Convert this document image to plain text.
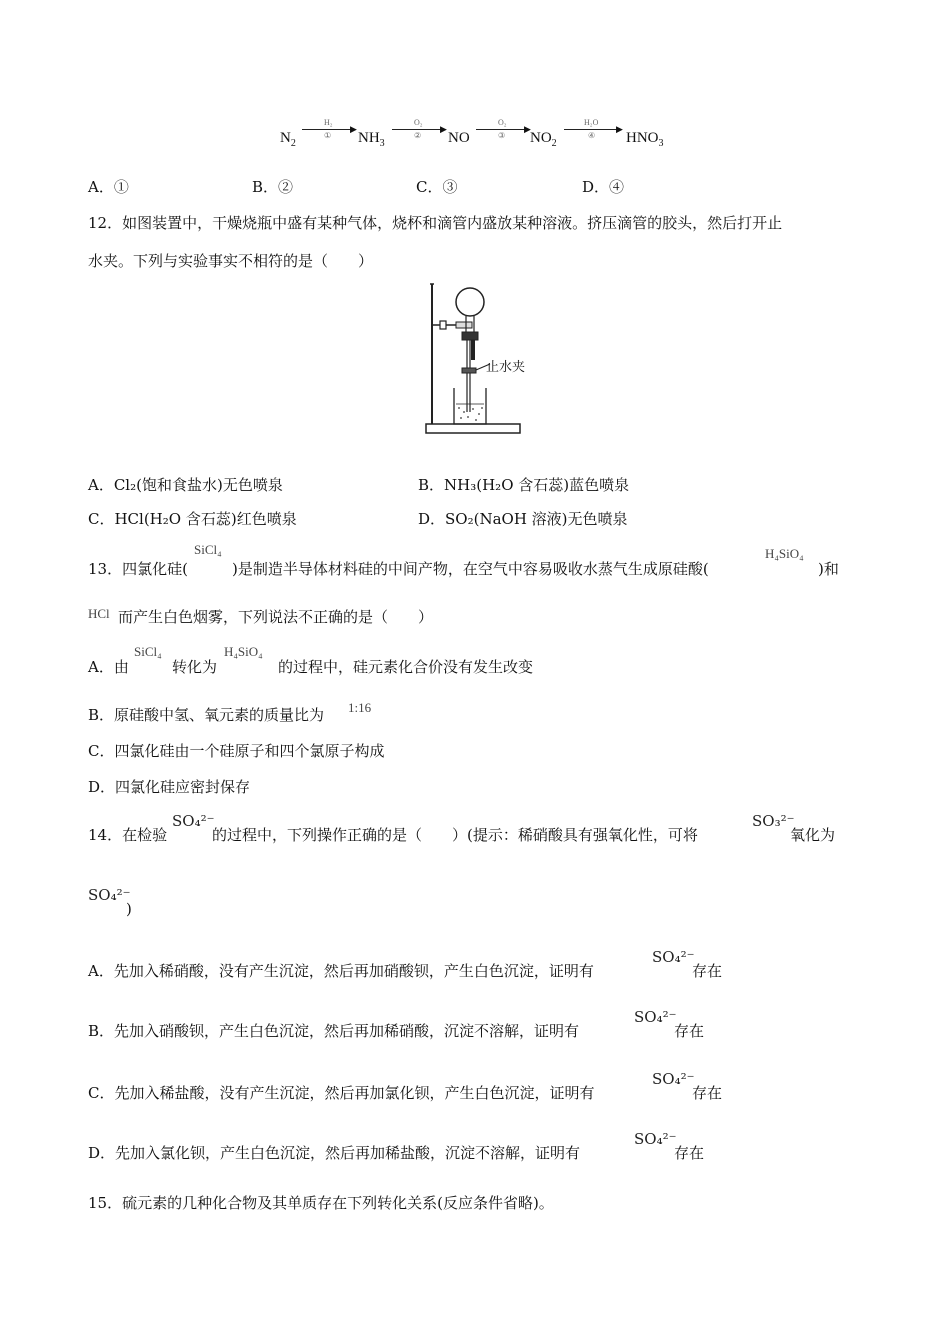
$N_2$
H₂
▶
① $NH_3$
O₂
▶
② NO
O₂
▶
③ $NO_2$
H₂O
▶
④ $HNO_3$
A．①	B．②	C．③	D．④
12．如图装置中，干燥烧瓶中盛有某种气体，烧杯和滴管内盛放某种溶液。挤压滴管的胶头，然后打开止
水夹。下列与实验事实不相符的是（　　）
止水夹
A．Cl₂(饱和食盐水)无色喷泉	B．NH₃(H₂O 含石蕊)蓝色喷泉
C．HCl(H₂O 含石蕊)红色喷泉	D．SO₂(NaOH 溶液)无色喷泉
13．四氯化硅(
SiCl₄
)是制造半导体材料硅的中间产物，在空气中容易吸收水蒸气生成原硅酸(
H₄SiO₄
)和
HCl 而产生白色烟雾，下列说法不正确的是（　　）
A．由
SiCl₄
转化为
H₄SiO₄
的过程中，硅元素化合价没有发生改变
B．原硅酸中氢、氧元素的质量比为 1:16
C．四氯化硅由一个硅原子和四个氯原子构成
D．四氯化硅应密封保存
14．在检验
SO₄²⁻
的过程中，下列操作正确的是（　　）(提示：稀硝酸具有强氧化性，可将
SO₃²⁻
氧化为
SO₄²⁻
)
A．先加入稀硝酸，没有产生沉淀，然后再加硝酸钡，产生白色沉淀，证明有
SO₄²⁻
存在
B．先加入硝酸钡，产生白色沉淀，然后再加稀硝酸，沉淀不溶解，证明有
SO₄²⁻
存在
C．先加入稀盐酸，没有产生沉淀，然后再加氯化钡，产生白色沉淀，证明有
SO₄²⁻
存在
D．先加入氯化钡，产生白色沉淀，然后再加稀盐酸，沉淀不溶解，证明有
SO₄²⁻
存在
15．硫元素的几种化合物及其单质存在下列转化关系(反应条件省略)。
